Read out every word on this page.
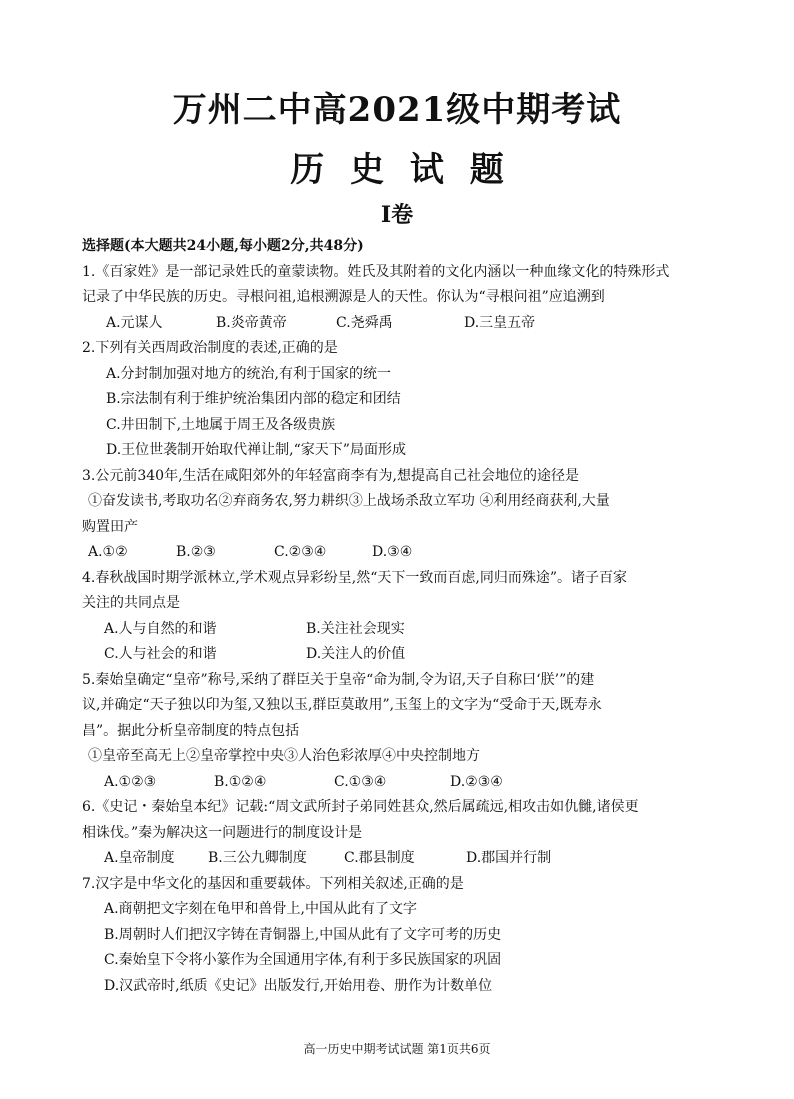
万州二中高2021级中期考试
历 史 试 题
I卷
选择题(本大题共24小题,每小题2分,共48分)
1.《百家姓》是一部记录姓氏的童蒙读物。姓氏及其附着的文化内涵以一种血缘文化的特殊形式
记录了中华民族的历史。寻根问祖,追根溯源是人的天性。你认为“寻根问祖”应追溯到
A.元谋人	B.炎帝黄帝	C.尧舜禹	D.三皇五帝
2.下列有关西周政治制度的表述,正确的是
A.分封制加强对地方的统治,有利于国家的统一
B.宗法制有利于维护统治集团内部的稳定和团结
C.井田制下,土地属于周王及各级贵族
D.王位世袭制开始取代禅让制,“家天下”局面形成
3.公元前340年,生活在咸阳郊外的年轻富商李有为,想提高自己社会地位的途径是
①奋发读书,考取功名②弃商务农,努力耕织③上战场杀敌立军功 ④利用经商获利,大量
购置田产
A.①②	B.②③	C.②③④	D.③④
4.春秋战国时期学派林立,学术观点异彩纷呈,然“天下一致而百虑,同归而殊途”。诸子百家
关注的共同点是
A.人与自然的和谐	B.关注社会现实
C.人与社会的和谐	D.关注人的价值
5.秦始皇确定“皇帝”称号,采纳了群臣关于皇帝“命为制,令为诏,天子自称曰‘朕’”的建
议,并确定“天子独以印为玺,又独以玉,群臣莫敢用”,玉玺上的文字为“受命于天,既寿永
昌”。据此分析皇帝制度的特点包括
①皇帝至高无上②皇帝掌控中央③人治色彩浓厚④中央控制地方
A.①②③	B.①②④	C.①③④	D.②③④
6.《史记・秦始皇本纪》记载:“周文武所封子弟同姓甚众,然后属疏远,相攻击如仇雠,诸侯更
相诛伐。”秦为解决这一问题进行的制度设计是
A.皇帝制度 B.三公九卿制度	C.郡县制度	D.郡国并行制
7.汉字是中华文化的基因和重要载体。下列相关叙述,正确的是
A.商朝把文字刻在龟甲和兽骨上,中国从此有了文字
B.周朝时人们把汉字铸在青铜器上,中国从此有了文字可考的历史
C.秦始皇下令将小篆作为全国通用字体,有利于多民族国家的巩固
D.汉武帝时,纸质《史记》出版发行,开始用卷、册作为计数单位
高一历史中期考试试题 第1页共6页
